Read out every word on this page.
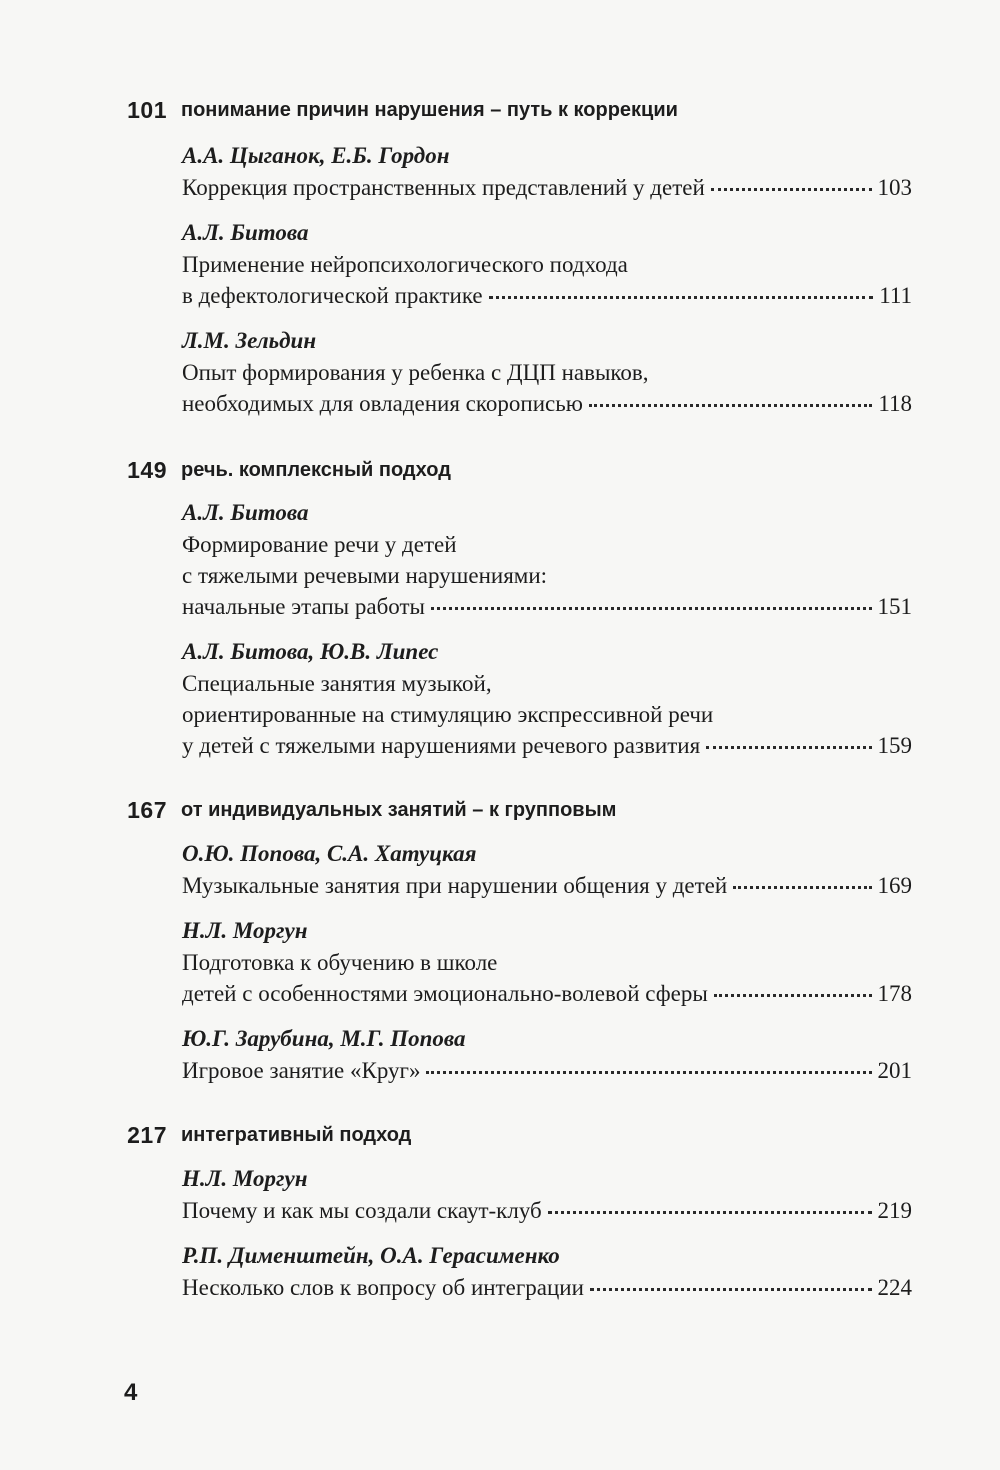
101 понимание причин нарушения – путь к коррекции
А.А. Цыганок, Е.Б. Гордон
Коррекция пространственных представлений у детей	103
А.Л. Битова
Применение нейропсихологического подхода
в дефектологической практике	111
Л.М. Зельдин
Опыт формирования у ребенка с ДЦП навыков,
необходимых для овладения скорописью	118
149 речь. комплексный подход
А.Л. Битова
Формирование речи у детей
с тяжелыми речевыми нарушениями:
начальные этапы работы	151
А.Л. Битова, Ю.В. Липес
Специальные занятия музыкой,
ориентированные на стимуляцию экспрессивной речи
у детей с тяжелыми нарушениями речевого развития	159
167 от индивидуальных занятий – к групповым
О.Ю. Попова, С.А. Хатуцкая
Музыкальные занятия при нарушении общения у детей	169
Н.Л. Моргун
Подготовка к обучению в школе
детей с особенностями эмоционально-волевой сферы	178
Ю.Г. Зарубина, М.Г. Попова
Игровое занятие «Круг»	201
217 интегративный подход
Н.Л. Моргун
Почему и как мы создали скаут-клуб	219
Р.П. Дименштейн, О.А. Герасименко
Несколько слов к вопросу об интеграции	224
4
